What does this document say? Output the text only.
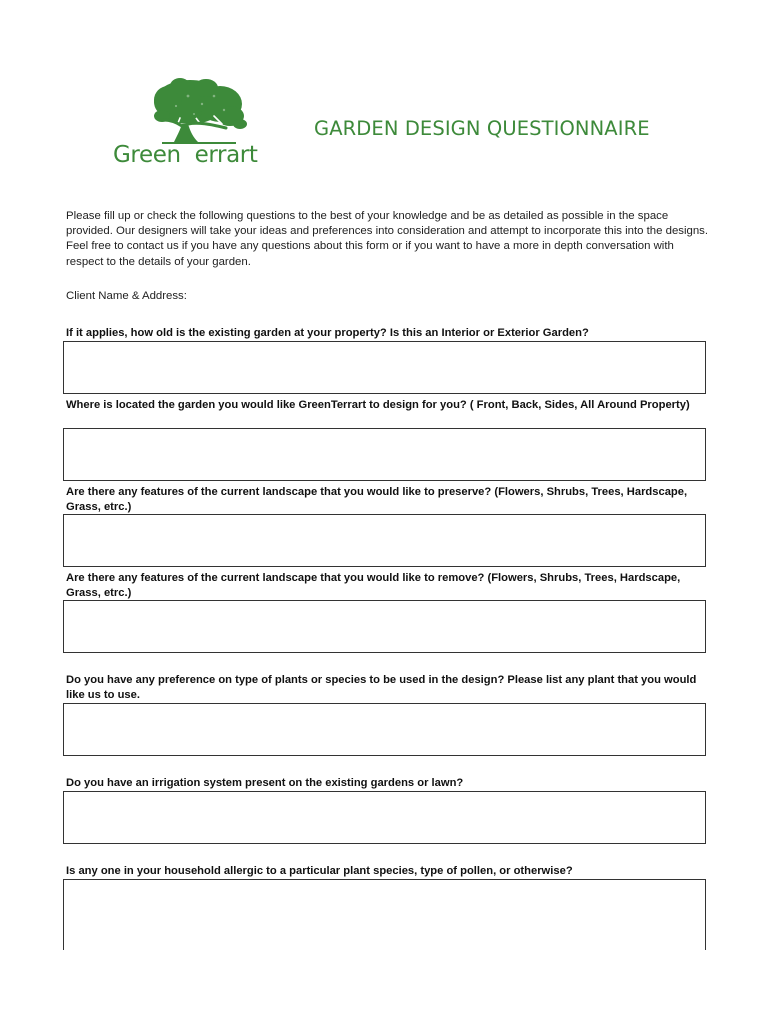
Green  errart
GARDEN DESIGN QUESTIONNAIRE

Please fill up or check the following questions to the best of your knowledge and be as detailed as possible in the space provided. Our designers will take your ideas and preferences into consideration and attempt to incorporate this into the designs. Feel free to contact us if you have any questions about this form or if you want to have a more in depth conversation with respect to the details of your garden.

Client Name & Address:

If it applies, how old is the existing garden at your property? Is this an Interior or Exterior Garden?

Where is located the garden you would like GreenTerrart to design for you? ( Front, Back, Sides, All Around Property)

Are there any features of the current landscape that you would like to preserve? (Flowers, Shrubs, Trees, Hardscape, Grass, etrc.)

Are there any features of the current landscape that you would like to remove? (Flowers, Shrubs, Trees, Hardscape, Grass, etrc.)

Do you have any preference on type of plants or species to be used in the design? Please list any plant that you would like us to use.

Do you have an irrigation system present on the existing gardens or lawn?

Is any one in your household allergic to a particular plant species, type of pollen, or otherwise?
